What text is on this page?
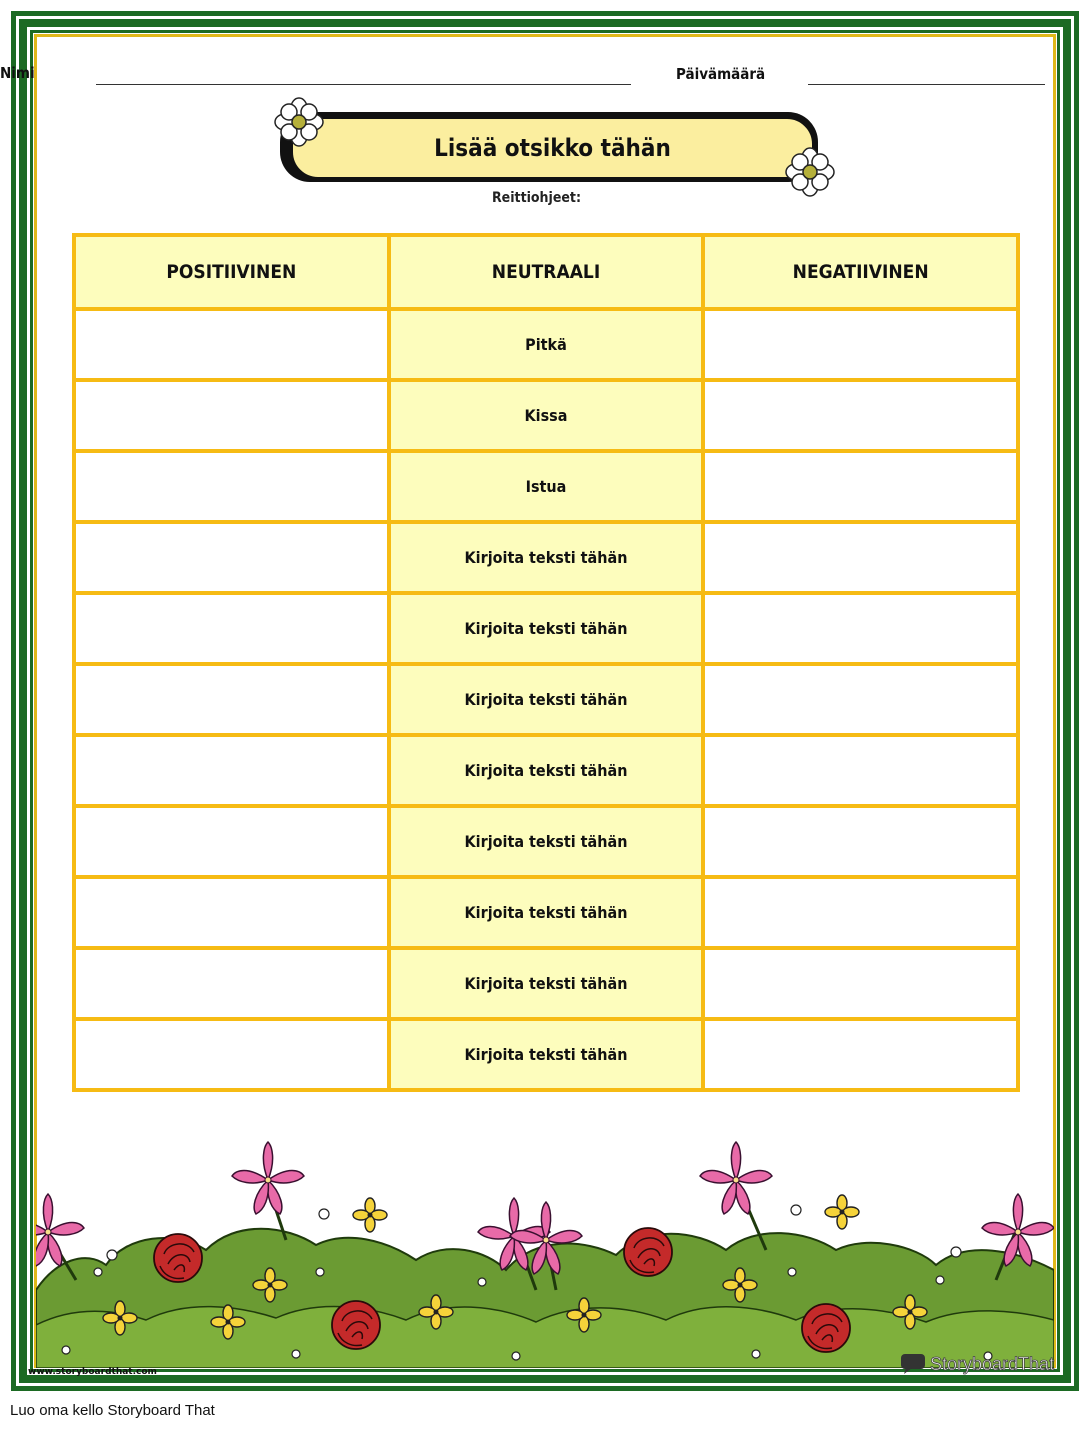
Nimi	Päivämäärä
Lisää otsikko tähän
Reittiohjeet:
POSITIIVINEN	NEUTRAALI	NEGATIIVINEN
	Pitkä	
	Kissa	
	Istua	
	Kirjoita teksti tähän	
	Kirjoita teksti tähän	
	Kirjoita teksti tähän	
	Kirjoita teksti tähän	
	Kirjoita teksti tähän	
	Kirjoita teksti tähän	
	Kirjoita teksti tähän	
	Kirjoita teksti tähän	
www.storyboardthat.com	StoryboardThat
Luo oma kello Storyboard That
